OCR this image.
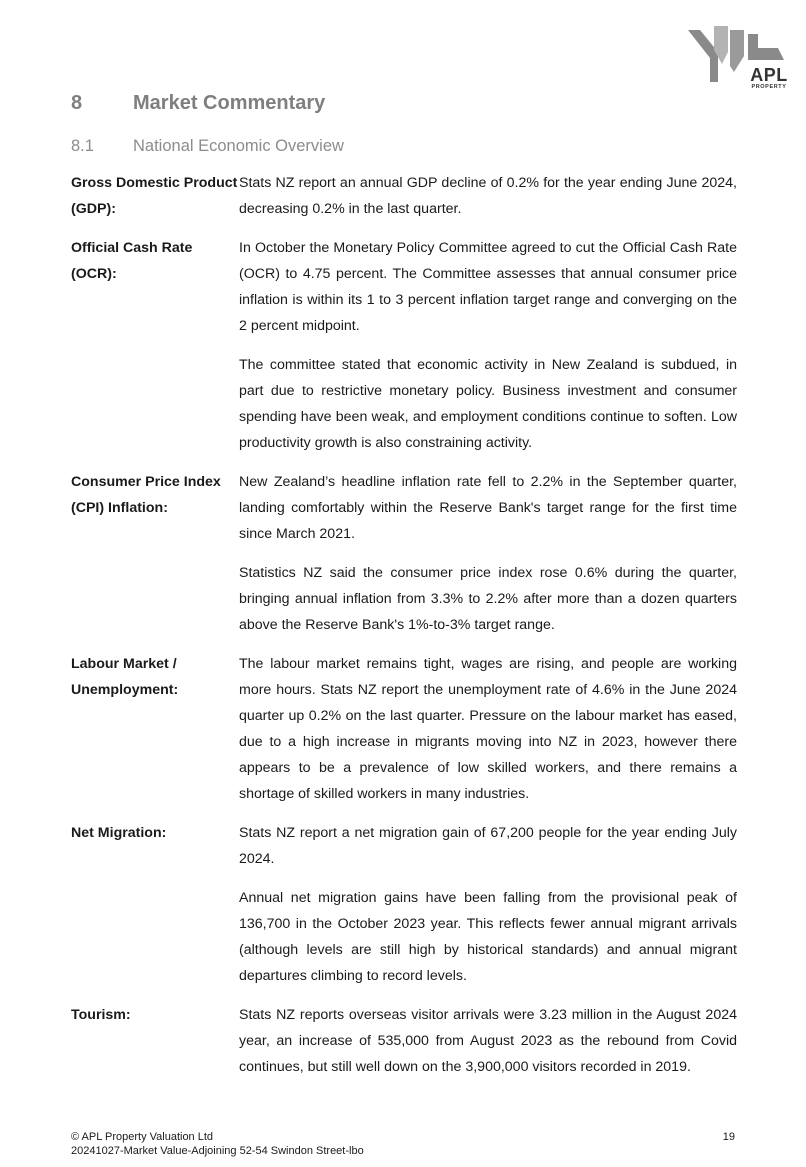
APL
PROPERTY
8	Market Commentary
8.1 National Economic Overview
Gross Domestic Product (GDP):

Stats NZ report an annual GDP decline of 0.2% for the year ending June 2024, decreasing 0.2% in the last quarter.

Official Cash Rate (OCR):

In October the Monetary Policy Committee agreed to cut the Official Cash Rate (OCR) to 4.75 percent. The Committee assesses that annual consumer price inflation is within its 1 to 3 percent inflation target range and converging on the 2 percent midpoint.

The committee stated that economic activity in New Zealand is subdued, in part due to restrictive monetary policy. Business investment and consumer spending have been weak, and employment conditions continue to soften. Low productivity growth is also constraining activity.

Consumer Price Index (CPI) Inflation:

New Zealand’s headline inflation rate fell to 2.2% in the September quarter, landing comfortably within the Reserve Bank's target range for the first time since March 2021.

Statistics NZ said the consumer price index rose 0.6% during the quarter, bringing annual inflation from 3.3% to 2.2% after more than a dozen quarters above the Reserve Bank's 1%-to-3% target range.

Labour Market / Unemployment:

The labour market remains tight, wages are rising, and people are working more hours. Stats NZ report the unemployment rate of 4.6% in the June 2024 quarter up 0.2% on the last quarter. Pressure on the labour market has eased, due to a high increase in migrants moving into NZ in 2023, however there appears to be a prevalence of low skilled workers, and there remains a shortage of skilled workers in many industries.

Net Migration:	Stats NZ report a net migration gain of 67,200 people for the year ending July 2024.

Annual net migration gains have been falling from the provisional peak of 136,700 in the October 2023 year. This reflects fewer annual migrant arrivals (although levels are still high by historical standards) and annual migrant departures climbing to record levels.

Tourism:	Stats NZ reports overseas visitor arrivals were 3.23 million in the August 2024 year, an increase of 535,000 from August 2023 as the rebound from Covid continues, but still well down on the 3,900,000 visitors recorded in 2019.

© APL Property Valuation Ltd
20241027-Market Value-Adjoining 52-54 Swindon Street-lbo
19
